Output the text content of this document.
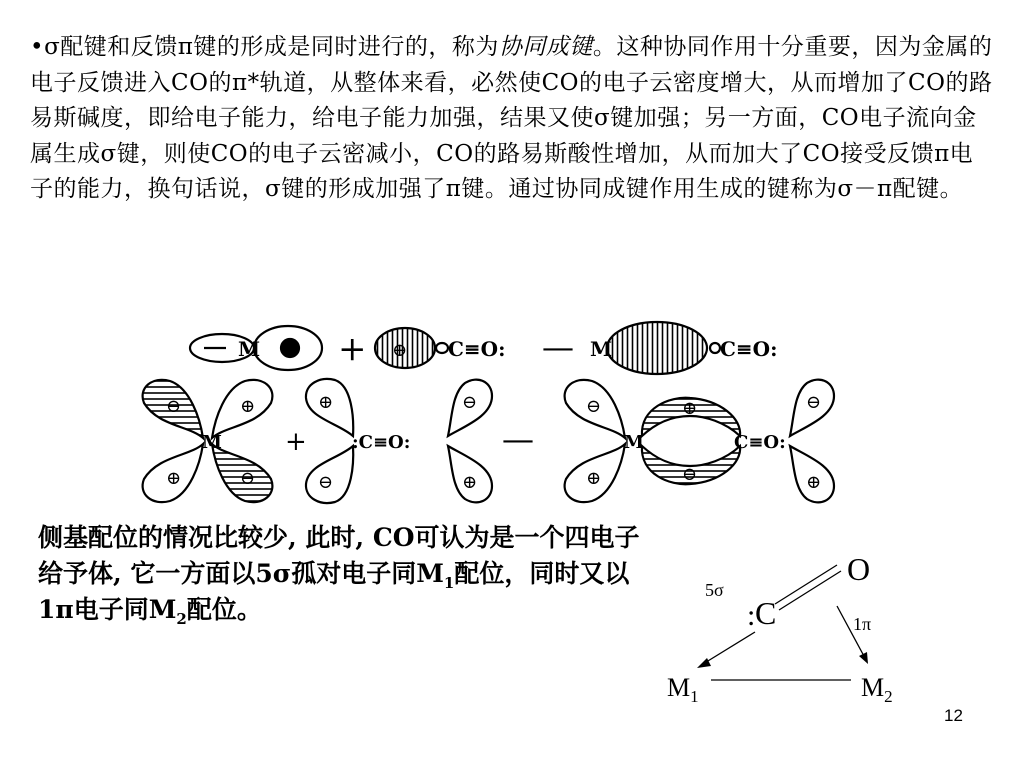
•σ配键和反馈π键的形成是同时进行的，称为协同成键。这种协同作用十分重要，因为金属的电子反馈进入CO的π*轨道，从整体来看，必然使CO的电子云密度增大，从而增加了CO的路易斯碱度，即给电子能力，给电子能力加强，结果又使σ键加强；另一方面，CO电子流向金属生成σ键，则使CO的电子云密减小，CO的路易斯酸性增加，从而加大了CO接受反馈π电子的能力，换句话说，σ键的形成加强了π键。通过协同成键作用生成的键称为σ－π配键。
M +	C≡O: — M	C≡O:
⊕
M +	:C≡O:	—	M	C≡O:
⊖	⊕
⊕	⊖
⊕	⊖
⊖	⊕
⊖
⊕
⊕
⊖
⊖
⊕
侧基配位的情况比较少, 此时, CO可认为是一个四电子给予体, 它一方面以5σ孤对电子同$M_1$配位，同时又以1π电子同$M_2$配位。	: C
O
5σ
1π
$M_1$	$M_2$
12
